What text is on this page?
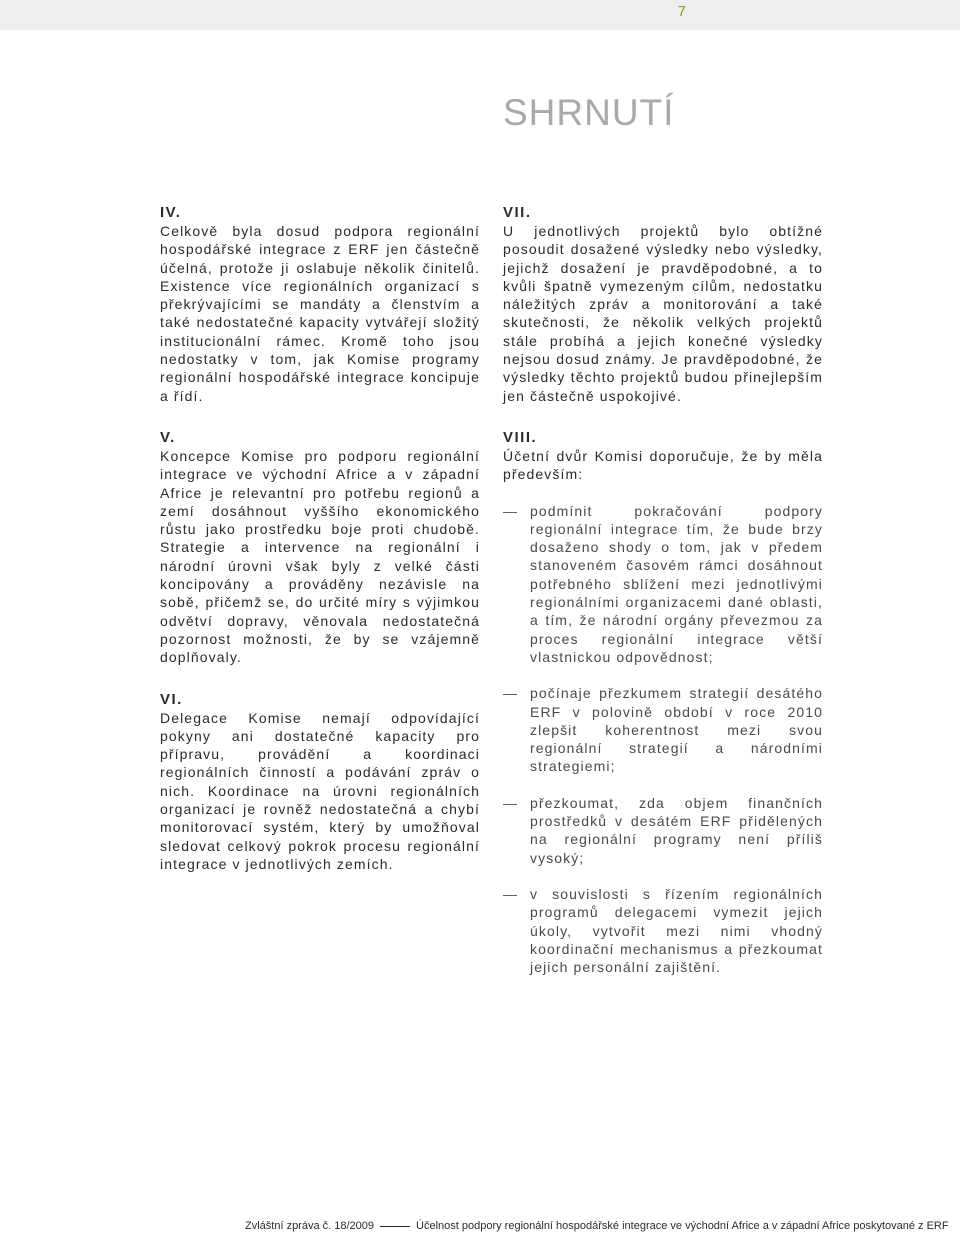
7
SHRNUTÍ
IV.

Celkově byla dosud podpora regionální hospodářské integrace z ERF jen částečně účelná, protože ji oslabuje několik činitelů. Existence více regionálních organizací s překrývajícími se mandáty a členstvím a také nedostatečné kapacity vytvářejí složitý institucionální rámec. Kromě toho jsou nedostatky v tom, jak Komise programy regionální hospodářské integrace koncipuje a řídí.

V.

Koncepce Komise pro podporu regionální integrace ve východní Africe a v západní Africe je relevantní pro potřebu regionů a zemí dosáhnout vyššího ekonomického růstu jako prostředku boje proti chudobě. Strategie a intervence na regionální i národní úrovni však byly z velké části koncipovány a prováděny nezávisle na sobě, přičemž se, do určité míry s výjimkou odvětví dopravy, věnovala nedostatečná pozornost možnosti, že by se vzájemně doplňovaly.

VI.

Delegace Komise nemají odpovídající pokyny ani dostatečné kapacity pro přípravu, provádění a koordinaci regionálních činností a podávání zpráv o nich. Koordinace na úrovni regionálních organizací je rovněž nedostatečná a chybí monitorovací systém, který by umožňoval sledovat celkový pokrok procesu regionální integrace v jednotlivých zemích.

VII.

U jednotlivých projektů bylo obtížné posoudit dosažené výsledky nebo výsledky, jejichž dosažení je pravděpodobné, a to kvůli špatně vymezeným cílům, nedostatku náležitých zpráv a monitorování a také skutečnosti, že několik velkých projektů stále probíhá a jejich konečné výsledky nejsou dosud známy. Je pravděpodobné, že výsledky těchto projektů budou přinejlepším jen částečně uspokojivé.

VIII.

Účetní dvůr Komisi doporučuje, že by měla především:

— podmínit pokračování podpory regionální integrace tím, že bude brzy dosaženo shody o tom, jak v předem stanoveném časovém rámci dosáhnout potřebného sblížení mezi jednotlivými regionálními organizacemi dané oblasti, a tím, že národní orgány převezmou za proces regionální integrace větší vlastnickou odpovědnost;
— počínaje přezkumem strategií desátého ERF v polovině období v roce 2010 zlepšit koherentnost mezi svou regionální strategií a národními strategiemi;
— přezkoumat, zda objem finančních prostředků v desátém ERF přidělených na regionální programy není příliš vysoký;
— v souvislosti s řízením regionálních programů delegacemi vymezit jejich úkoly, vytvořit mezi nimi vhodný koordinační mechanismus a přezkoumat jejich personální zajištění.
Zvláštní zpráva č. 18/2009	Účelnost podpory regionální hospodářské integrace ve východní Africe a v západní Africe poskytované z ERF
